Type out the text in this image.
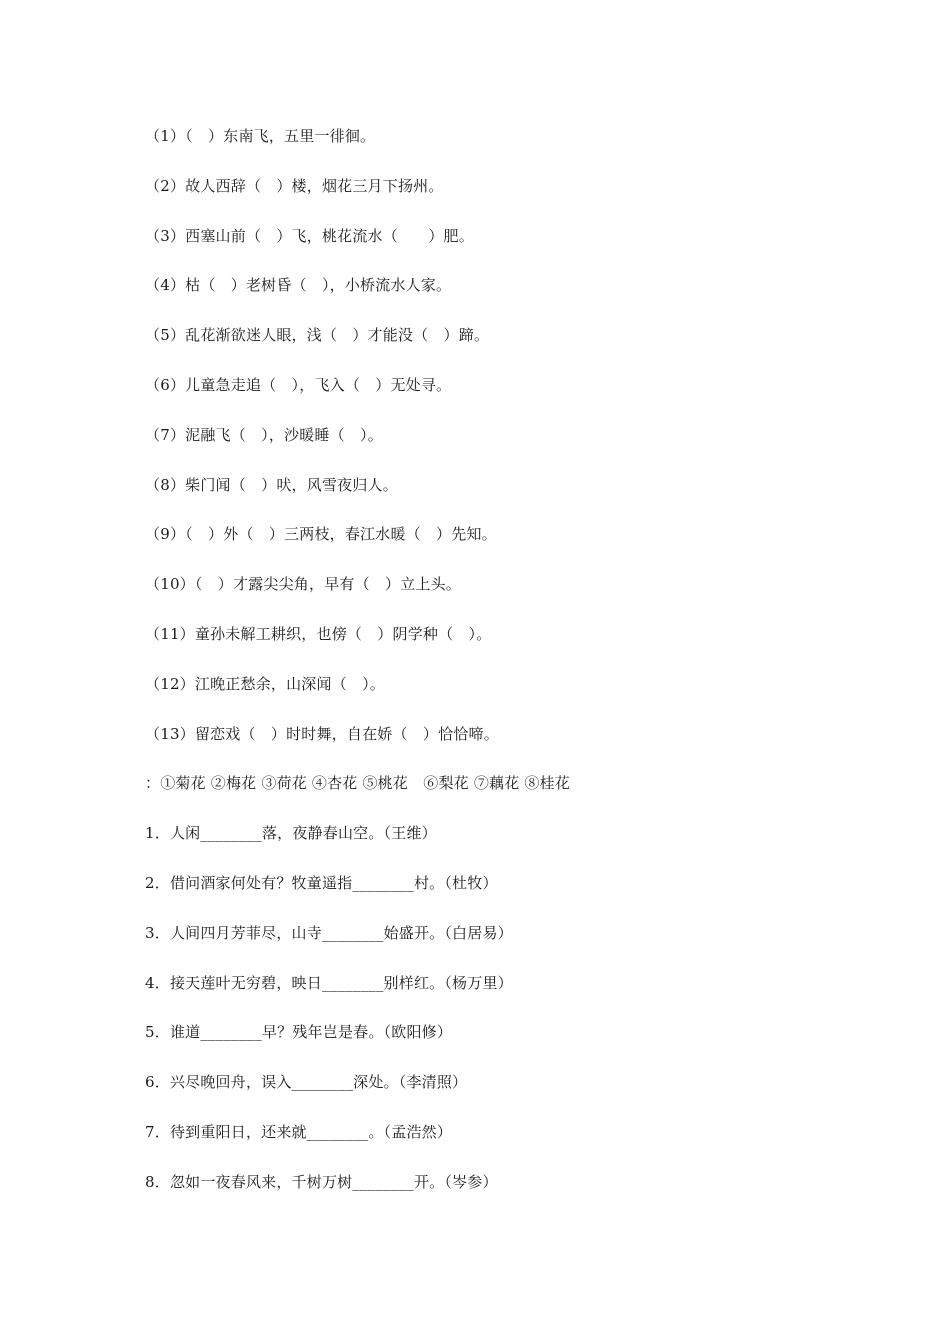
（1）（　）东南飞，五里一徘徊。
（2）故人西辞（　）楼，烟花三月下扬州。
（3）西塞山前（　）飞，桃花流水（　　）肥。
（4）枯（　）老树昏（　），小桥流水人家。
（5）乱花渐欲迷人眼，浅（　）才能没（　）蹄。
（6）儿童急走追（　），飞入（　）无处寻。
（7）泥融飞（　），沙暖睡（　）。
（8）柴门闻（　）吠，风雪夜归人。
（9）（　）外（　）三两枝，春江水暖（　）先知。
（10）（　）才露尖尖角，早有（　）立上头。
（11）童孙未解工耕织，也傍（　）阴学种（　）。
（12）江晚正愁余，山深闻（　）。
（13）留恋戏（　）时时舞，自在娇（　）恰恰啼。
：①菊花 ②梅花 ③荷花 ④杏花 ⑤桃花　⑥梨花 ⑦藕花 ⑧桂花
1．人闲________落，夜静春山空。（王维）
2．借问酒家何处有？牧童遥指________村。（杜牧）
3．人间四月芳菲尽，山寺________始盛开。（白居易）
4．接天莲叶无穷碧，映日________别样红。（杨万里）
5．谁道________早？残年岂是春。（欧阳修）
6．兴尽晚回舟，误入________深处。（李清照）
7．待到重阳日，还来就________。（孟浩然）
8．忽如一夜春风来，千树万树________开。（岑参）
